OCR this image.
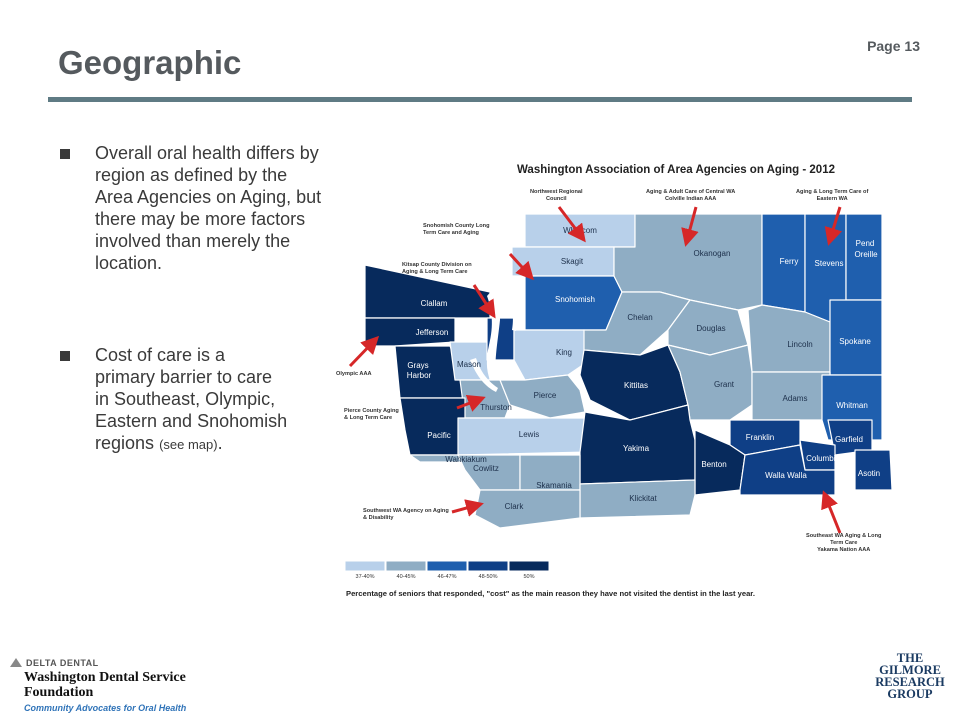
Geographic	Page 13
Overall oral health differs by region as defined by the Area Agencies on Aging, but there may be more factors involved than merely the location.
Cost of care is a primary barrier to care in Southeast, Olympic, Eastern and Snohomish regions (see map).
Washington Association of Area Agencies on Aging - 2012
Whatcom
Skagit
Snohomish
Okanogan
Ferry Stevens
Pend
Oreille
Clallam
Jefferson
Grays
Harbor
Mason
King
Chelan
Douglas
Lincoln	Spokane
Kittitas	Grant
Adams
Whitman
Thurston
Pierce
Pacific	Lewis
Yakima
Franklin	Garfield
Columbia
Wahkiakum
Cowlitz	Benton
Walla Walla	Asotin
Skamania
Klickitat
Clark
Northwest Regional
Council
Aging & Adult Care of Central WA
Colville Indian AAA
Aging & Long Term Care of
Eastern WA
Snohomish County Long
Term Care and Aging
Kitsap County Division on
Aging & Long Term Care
Olympic AAA
Pierce County Aging
& Long Term Care
Southwest WA Agency on Aging
& Disability
Southeast WA Aging & Long
Term Care
Yakama Nation AAA
37-40%	40-45%	46-47%	48-50%	50%
Percentage of seniors that responded, "cost" as the main reason they have not visited the dentist in the last year.
DELTA DENTAL
Washington Dental Service
Foundation
Community Advocates for Oral Health
THE
GILMORE
RESEARCH
GROUP
